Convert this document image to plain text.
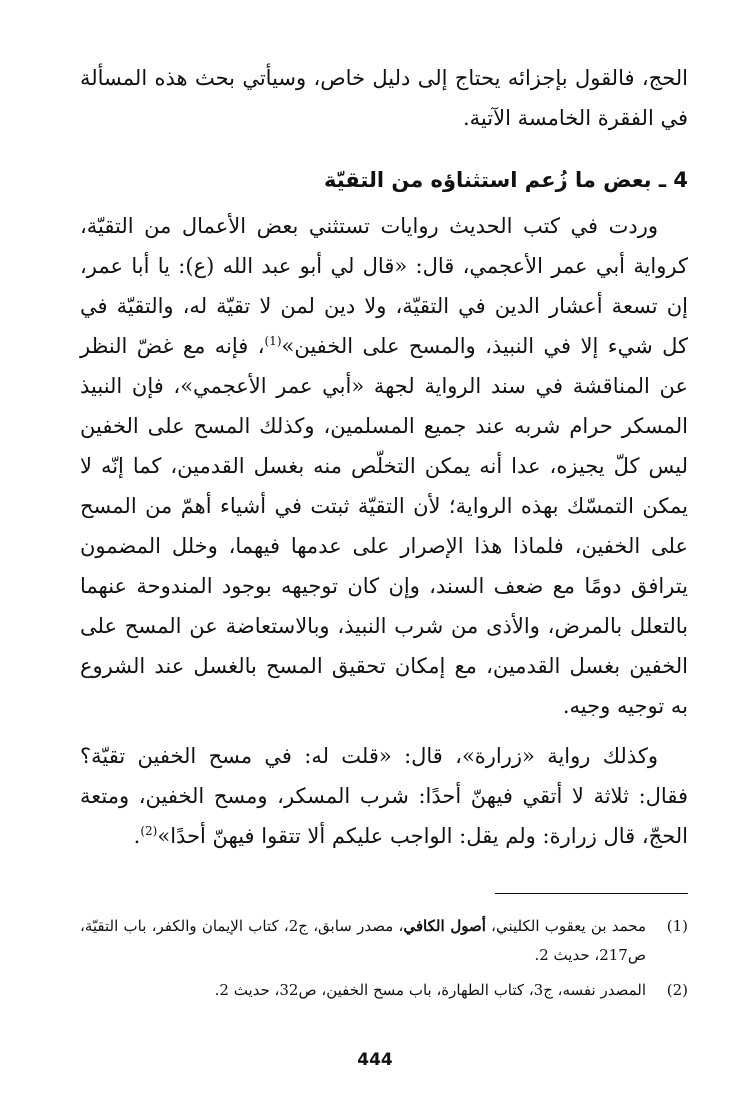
الحج، فالقول بإجزائه يحتاج إلى دليل خاص، وسيأتي بحث هذه المسألة في الفقرة الخامسة الآتية.

4 ـ بعض ما زُعم استثناؤه من التقيّة

وردت في كتب الحديث روايات تستثني بعض الأعمال من التقيّة، كرواية أبي عمر الأعجمي، قال: «قال لي أبو عبد الله (ع): يا أبا عمر، إن تسعة أعشار الدين في التقيّة، ولا دين لمن لا تقيّة له، والتقيّة في كل شيء إلا في النبيذ، والمسح على الخفين»$^{(1)}$، فإنه مع غضّ النظر عن المناقشة في سند الرواية لجهة «أبي عمر الأعجمي»، فإن النبيذ المسكر حرام شربه عند جميع المسلمين، وكذلك المسح على الخفين ليس كلّ يجيزه، عدا أنه يمكن التخلّص منه بغسل القدمين، كما إنّه لا يمكن التمسّك بهذه الرواية؛ لأن التقيّة ثبتت في أشياء أهمّ من المسح على الخفين، فلماذا هذا الإصرار على عدمها فيهما، وخلل المضمون يترافق دومًا مع ضعف السند، وإن كان توجيهه بوجود المندوحة عنهما بالتعلل بالمرض، والأذى من شرب النبيذ، وبالاستعاضة عن المسح على الخفين بغسل القدمين، مع إمكان تحقيق المسح بالغسل عند الشروع به توجيه وجيه.

وكذلك رواية «زرارة»، قال: «قلت له: في مسح الخفين تقيّة؟ فقال: ثلاثة لا أتقي فيهنّ أحدًا: شرب المسكر، ومسح الخفين، ومتعة الحجّ، قال زرارة: ولم يقل: الواجب عليكم ألا تتقوا فيهنّ أحدًا»$^{(2)}$.

(1)
محمد بن يعقوب الكليني، أصول الكافي، مصدر سابق، ج2، كتاب الإيمان والكفر، باب التقيّة، ص217، حديث 2.
(2)
المصدر نفسه، ج3، كتاب الطهارة، باب مسح الخفين، ص32، حديث 2.
444
